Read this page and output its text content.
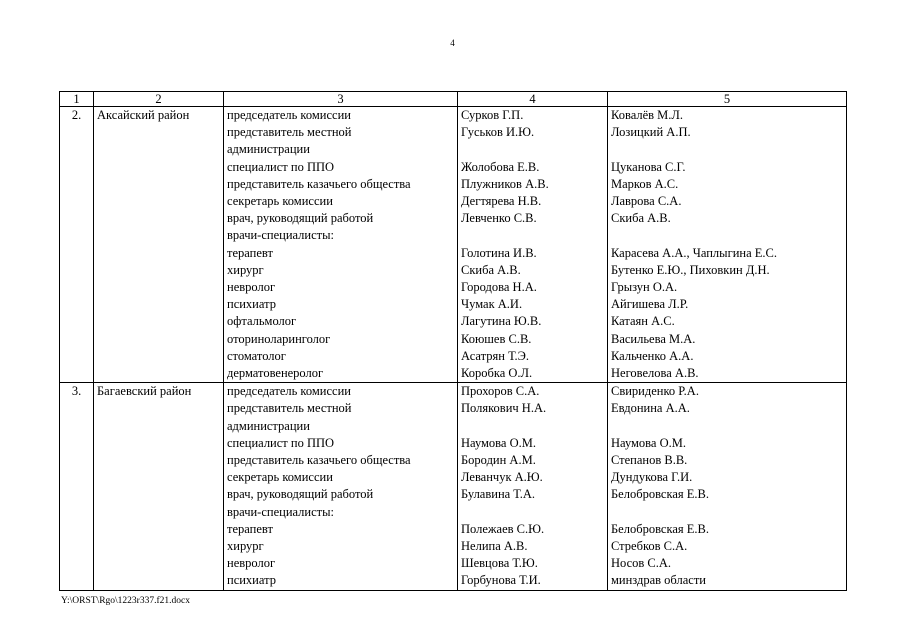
4
1	2	3	4	5
2.	Аксайский район	председатель комиссии	Сурков Г.П.	Ковалёв М.Л.
		представитель местной	Гуськов И.Ю.	Лозицкий А.П.
		администрации		
		специалист по ППО	Жолобова Е.В.	Цуканова С.Г.
		представитель казачьего общества	Плужников А.В.	Марков А.С.
		секретарь комиссии	Дегтярева Н.В.	Лаврова С.А.
		врач, руководящий работой	Левченко С.В.	Скиба А.В.
		врачи-специалисты:		
		терапевт	Голотина И.В.	Карасева А.А., Чаплыгина Е.С.
		хирург	Скиба А.В.	Бутенко Е.Ю., Пиховкин Д.Н.
		невролог	Городова Н.А.	Грызун О.А.
		психиатр	Чумак А.И.	Айгишева Л.Р.
		офтальмолог	Лагутина Ю.В.	Катаян А.С.
		оториноларинголог	Коюшев С.В.	Васильева М.А.
		стоматолог	Асатрян Т.Э.	Кальченко А.А.
		дерматовенеролог	Коробка О.Л.	Неговелова А.В.
3.	Багаевский район	председатель комиссии	Прохоров С.А.	Свириденко Р.А.
		представитель местной	Полякович Н.А.	Евдонина А.А.
		администрации		
		специалист по ППО	Наумова О.М.	Наумова О.М.
		представитель казачьего общества	Бородин А.М.	Степанов В.В.
		секретарь комиссии	Леванчук А.Ю.	Дундукова Г.И.
		врач, руководящий работой	Булавина Т.А.	Белобровская Е.В.
		врачи-специалисты:		
		терапевт	Полежаев С.Ю.	Белобровская Е.В.
		хирург	Нелипа А.В.	Стребков С.А.
		невролог	Шевцова Т.Ю.	Носов С.А.
		психиатр	Горбунова Т.И.	минздрав области
Y:\ORST\Rgo\1223r337.f21.docx
